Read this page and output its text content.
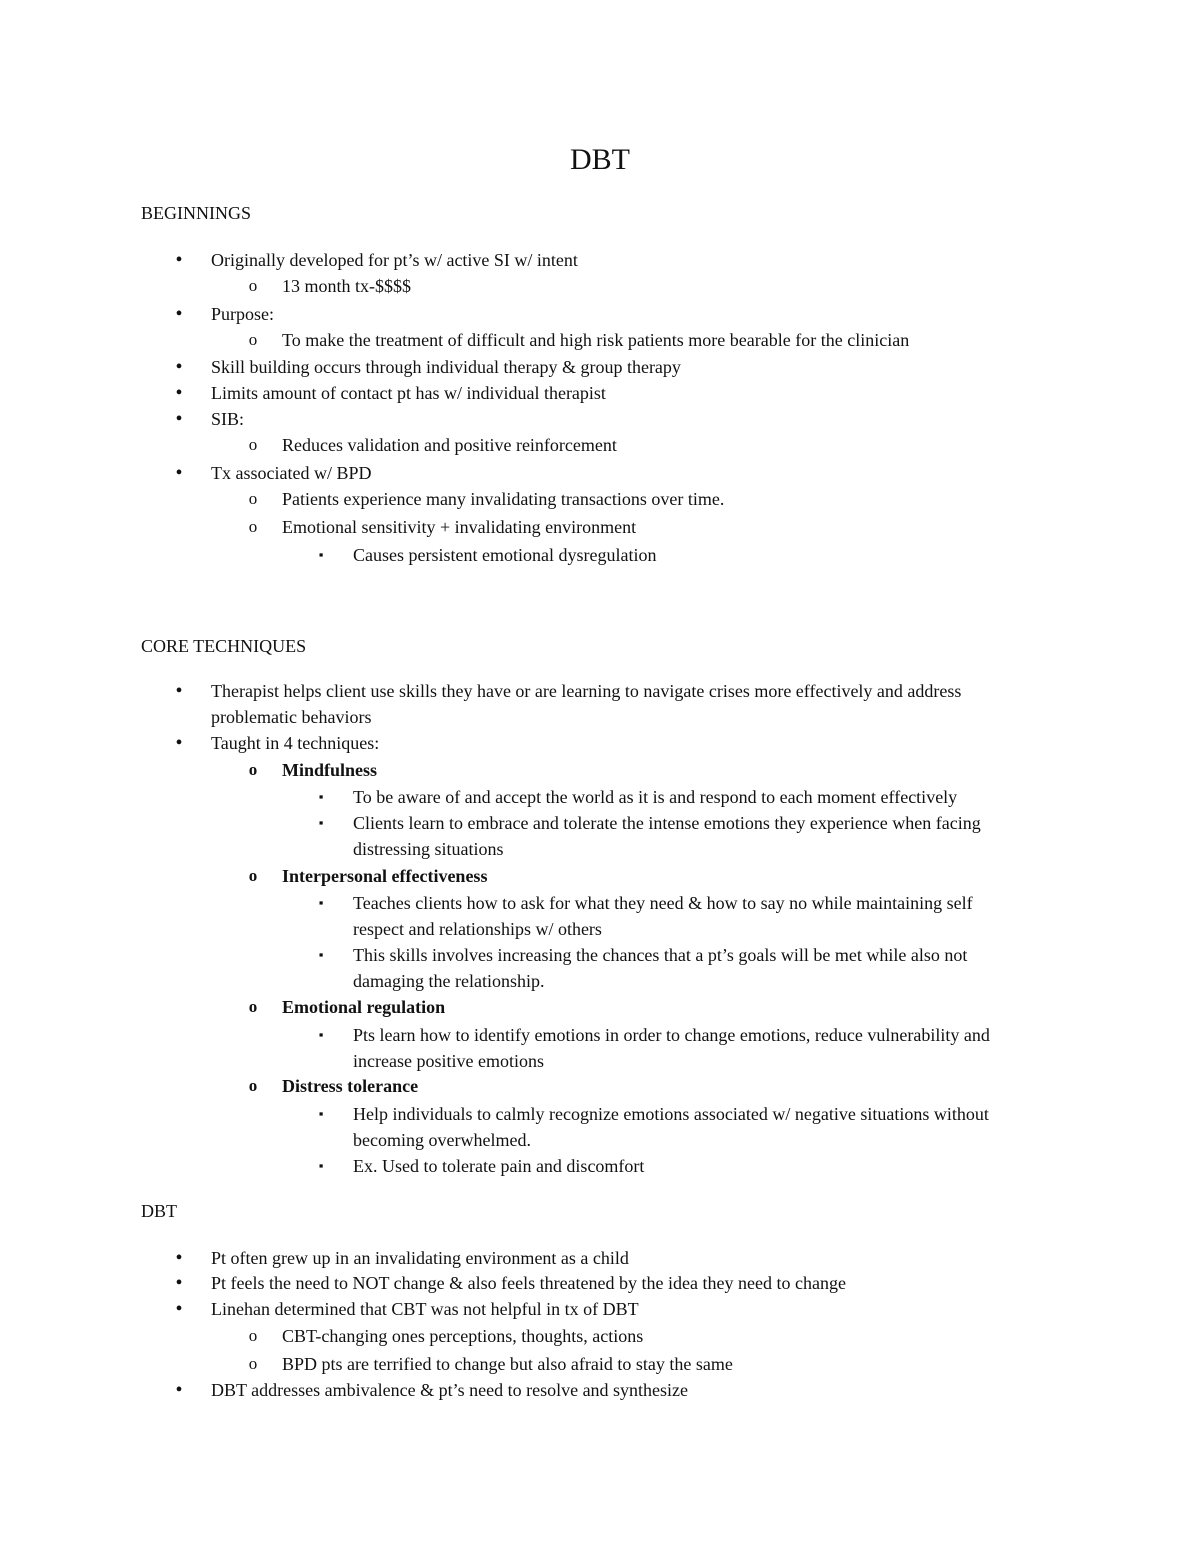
DBT
BEGINNINGS
• Originally developed for pt’s w/ active SI w/ intent
o 13 month tx-$$$$
• Purpose:
o To make the treatment of difficult and high risk patients more bearable for the clinician
• Skill building occurs through individual therapy & group therapy
• Limits amount of contact pt has w/ individual therapist
• SIB:
o Reduces validation and positive reinforcement
• Tx associated w/ BPD
o Patients experience many invalidating transactions over time.
o Emotional sensitivity + invalidating environment
▪ Causes persistent emotional dysregulation
CORE TECHNIQUES
• Therapist helps client use skills they have or are learning to navigate crises more effectively and address
problematic behaviors
• Taught in 4 techniques:
o Mindfulness
▪ To be aware of and accept the world as it is and respond to each moment effectively
▪ Clients learn to embrace and tolerate the intense emotions they experience when facing
distressing situations
o Interpersonal effectiveness
▪ Teaches clients how to ask for what they need & how to say no while maintaining self
respect and relationships w/ others
▪ This skills involves increasing the chances that a pt’s goals will be met while also not
damaging the relationship.
o Emotional regulation
▪ Pts learn how to identify emotions in order to change emotions, reduce vulnerability and
increase positive emotions
o Distress tolerance
▪ Help individuals to calmly recognize emotions associated w/ negative situations without
becoming overwhelmed.
▪ Ex. Used to tolerate pain and discomfort
DBT
• Pt often grew up in an invalidating environment as a child
• Pt feels the need to NOT change & also feels threatened by the idea they need to change
• Linehan determined that CBT was not helpful in tx of DBT
o CBT-changing ones perceptions, thoughts, actions
o BPD pts are terrified to change but also afraid to stay the same
• DBT addresses ambivalence & pt’s need to resolve and synthesize
